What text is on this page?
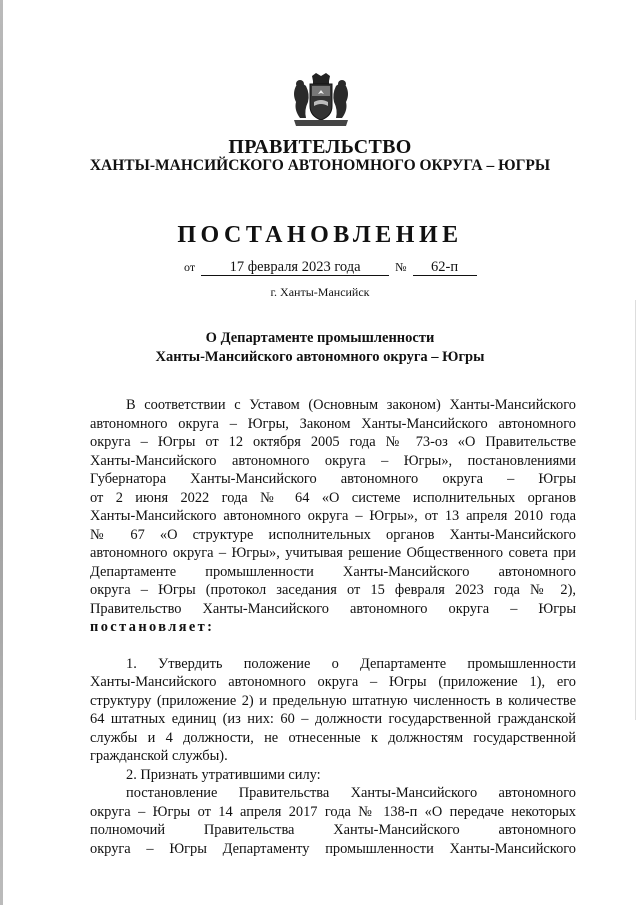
ПРАВИТЕЛЬСТВО
ХАНТЫ-МАНСИЙСКОГО АВТОНОМНОГО ОКРУГА – ЮГРЫ
ПОСТАНОВЛЕНИЕ
от 17 февраля 2023 года	№ 62-п
г. Ханты-Мансийск
О Департаменте промышленности
Ханты-Мансийского автономного округа – Югры

В соответствии с Уставом (Основным законом) Ханты-Мансийского

автономного округа – Югры, Законом Ханты-Мансийского автономного

округа – Югры от 12 октября 2005 года № 73-оз «О Правительстве

Ханты-Мансийского автономного округа – Югры», постановлениями

Губернатора Ханты-Мансийского автономного округа – Югры

от 2 июня 2022 года № 64 «О системе исполнительных органов

Ханты-Мансийского автономного округа – Югры», от 13 апреля 2010 года

№ 67 «О структуре исполнительных органов Ханты-Мансийского

автономного округа – Югры», учитывая решение Общественного совета при

Департаменте промышленности Ханты-Мансийского автономного

округа – Югры (протокол заседания от 15 февраля 2023 года № 2),

Правительство Ханты-Мансийского автономного округа – Югры

постановляет:

1. Утвердить положение о Департаменте промышленности

Ханты-Мансийского автономного округа – Югры (приложение 1), его

структуру (приложение 2) и предельную штатную численность в количестве

64 штатных единиц (из них: 60 – должности государственной гражданской

службы и 4 должности, не отнесенные к должностям государственной

гражданской службы).

2. Признать утратившими силу:

постановление Правительства Ханты-Мансийского автономного

округа – Югры от 14 апреля 2017 года № 138-п «О передаче некоторых

полномочий Правительства Ханты-Мансийского автономного

округа – Югры Департаменту промышленности Ханты-Мансийского
